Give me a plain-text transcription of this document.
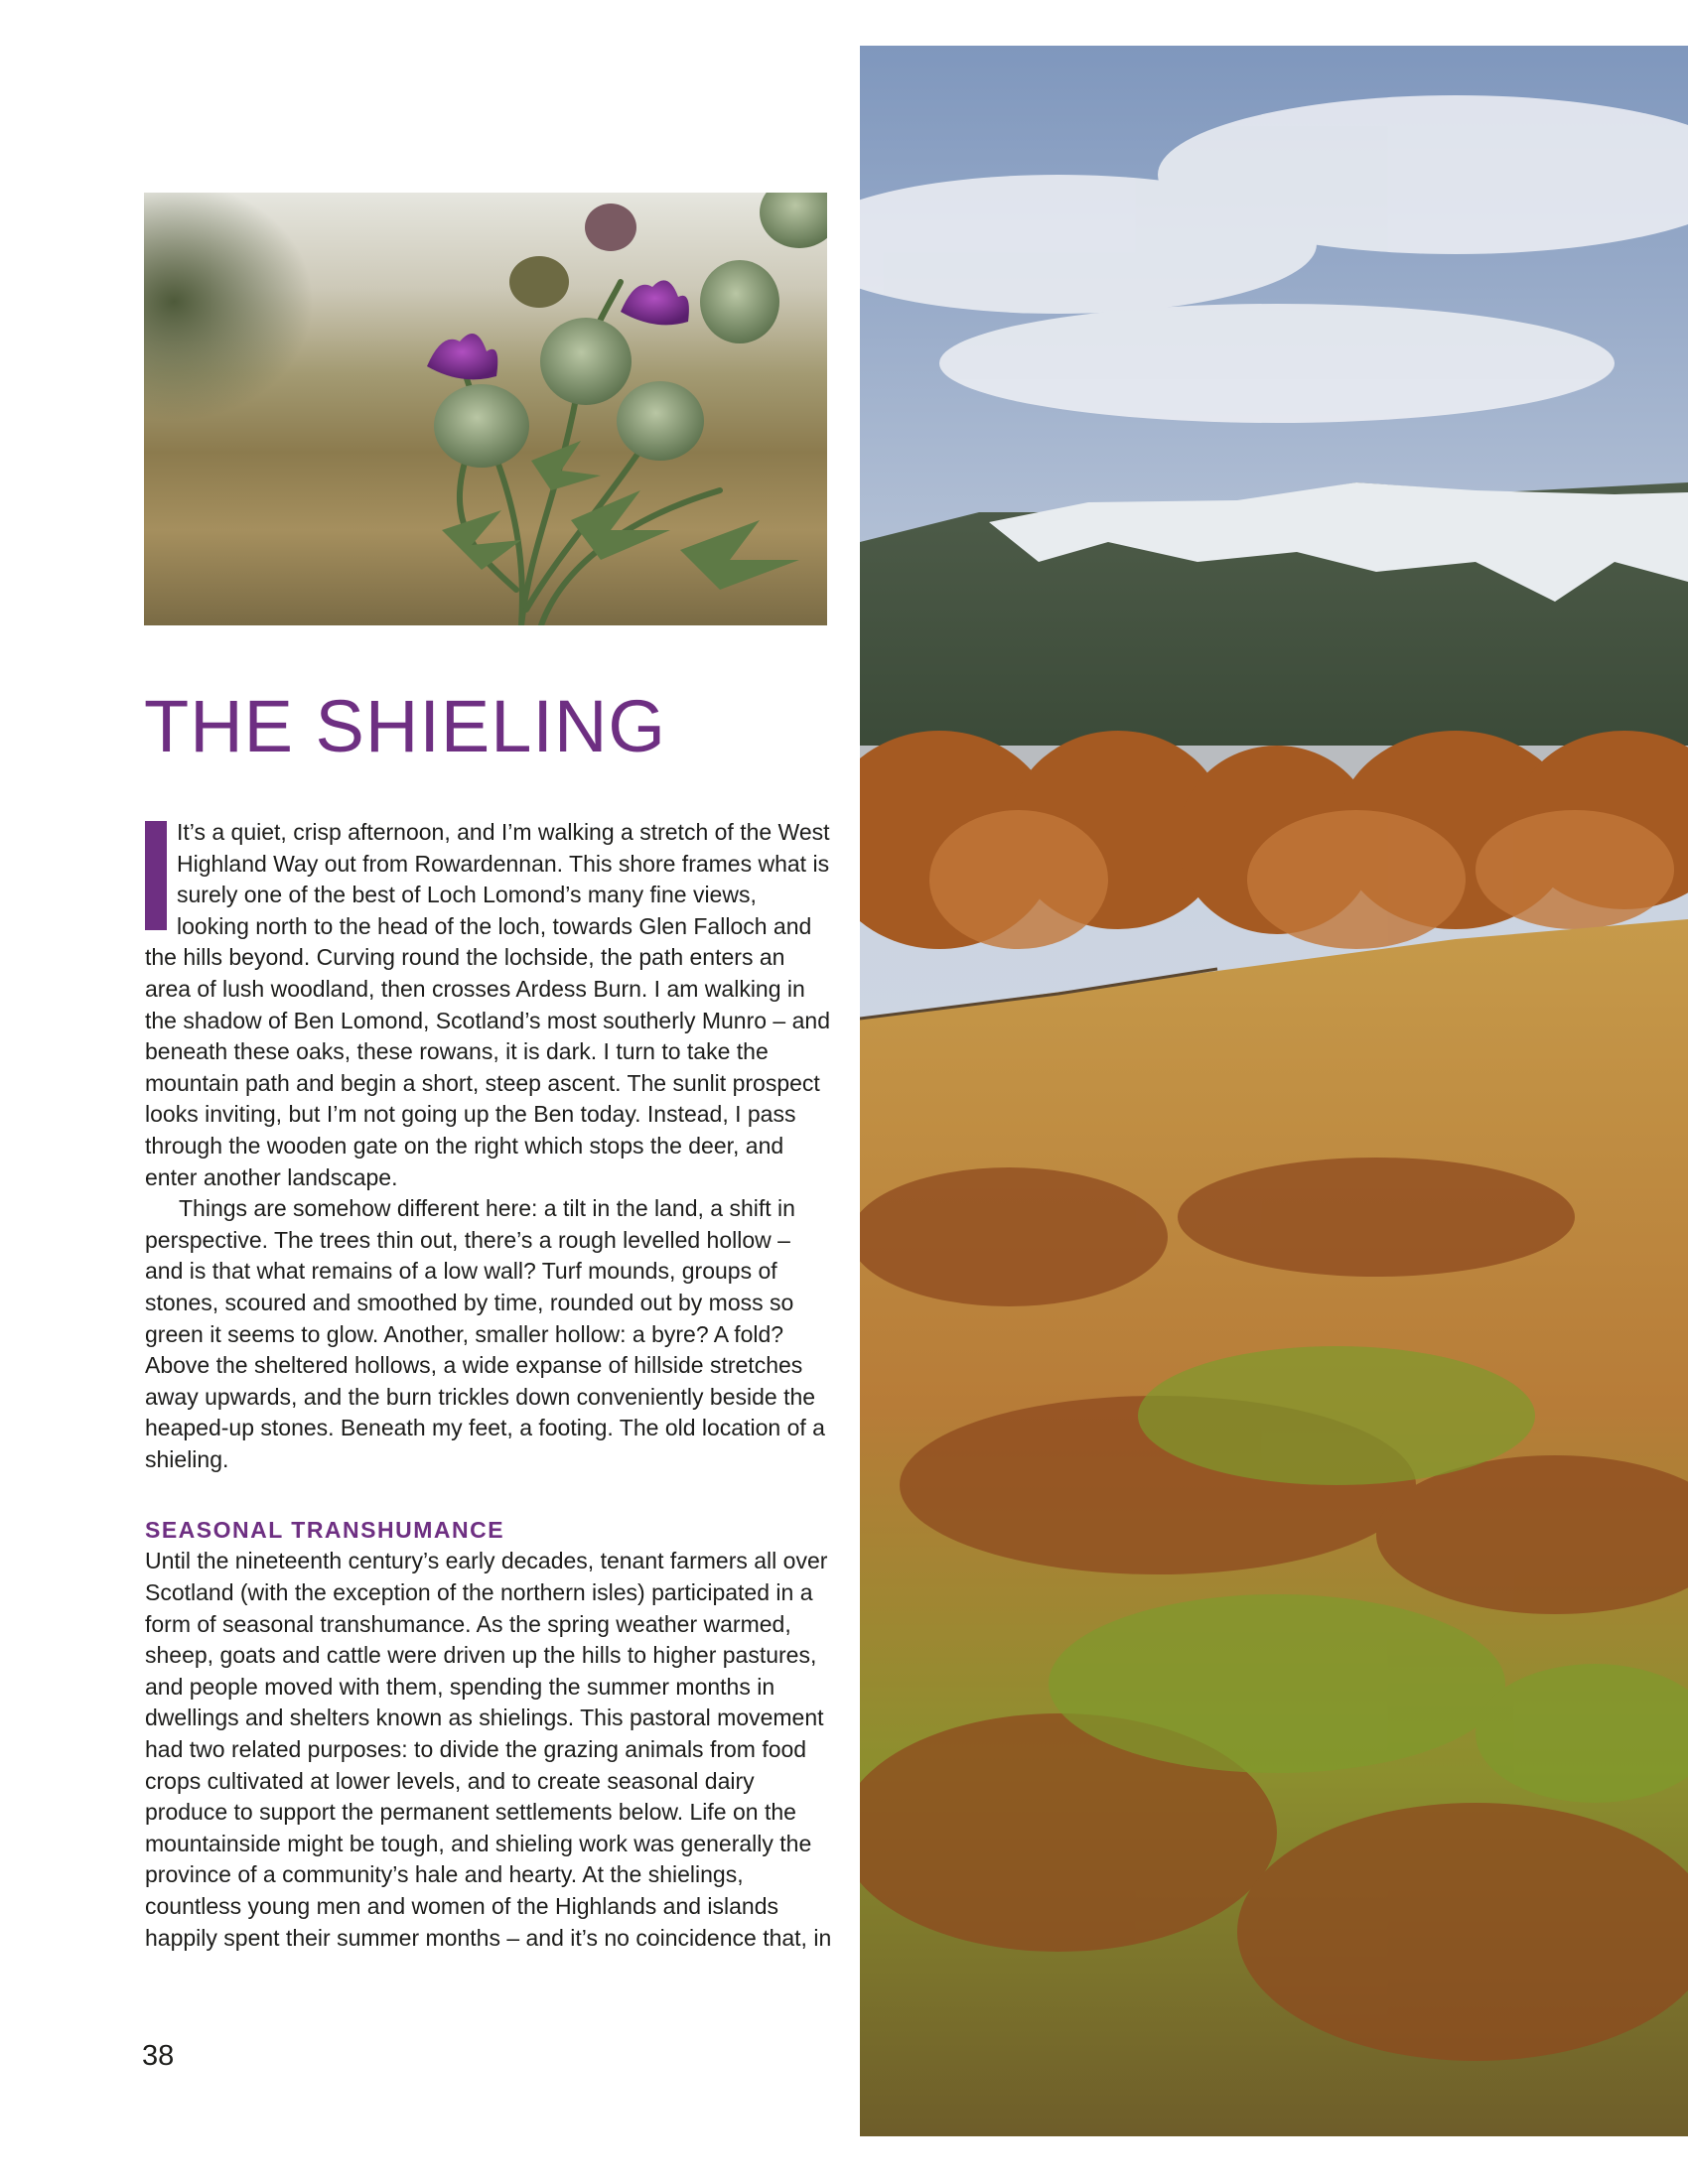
THE SHIELING

It’s a quiet, crisp afternoon, and I’m walking a stretch of the West Highland Way out from Rowardennan. This shore frames what is surely one of the best of Loch Lomond’s many fine views, looking north to the head of the loch, towards Glen Falloch and the hills beyond. Curving round the lochside, the path enters an area of lush woodland, then crosses Ardess Burn. I am walking in the shadow of Ben Lomond, Scotland’s most southerly Munro – and beneath these oaks, these rowans, it is dark. I turn to take the mountain path and begin a short, steep ascent. The sunlit prospect looks inviting, but I’m not going up the Ben today. Instead, I pass through the wooden gate on the right which stops the deer, and enter another landscape.

Things are somehow different here: a tilt in the land, a shift in perspective. The trees thin out, there’s a rough levelled hollow – and is that what remains of a low wall? Turf mounds, groups of stones, scoured and smoothed by time, rounded out by moss so green it seems to glow. Another, smaller hollow: a byre? A fold? Above the sheltered hollows, a wide expanse of hillside stretches away upwards, and the burn trickles down conveniently beside the heaped-up stones. Beneath my feet, a footing. The old location of a shieling.

SEASONAL TRANSHUMANCE

Until the nineteenth century’s early decades, tenant farmers all over Scotland (with the exception of the northern isles) participated in a form of seasonal transhumance. As the spring weather warmed, sheep, goats and cattle were driven up the hills to higher pastures, and people moved with them, spending the summer months in dwellings and shelters known as shielings. This pastoral movement had two related purposes: to divide the grazing animals from food crops cultivated at lower levels, and to create seasonal dairy produce to support the permanent settlements below. Life on the mountainside might be tough, and shieling work was generally the province of a community’s hale and hearty. At the shielings, countless young men and women of the Highlands and islands happily spent their summer months – and it’s no coincidence that, in

38
